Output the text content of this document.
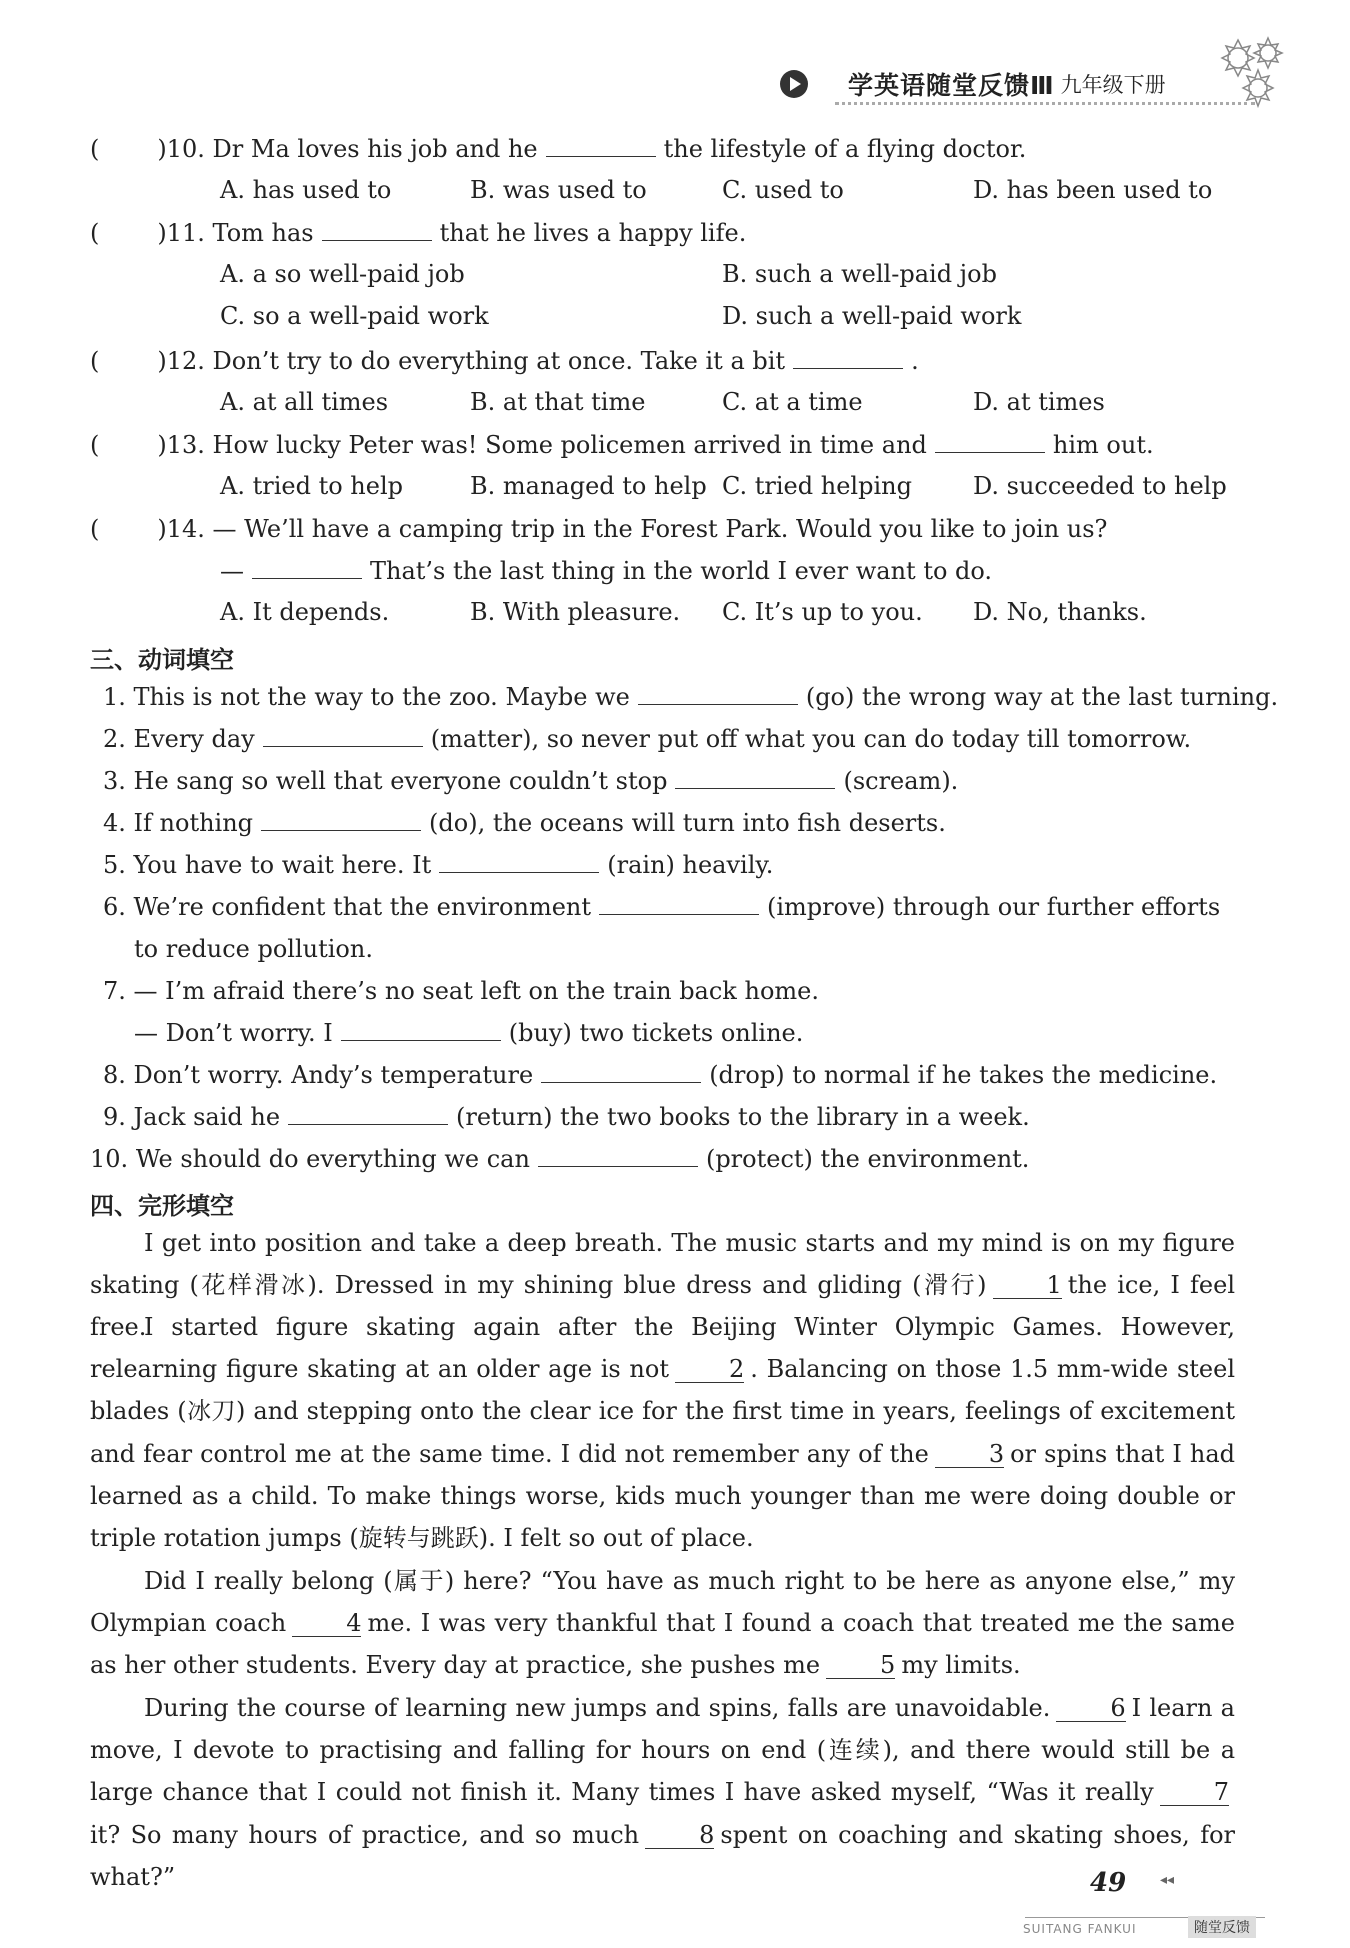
学英语随堂反馈Ⅲ 九年级下册
( )10. Dr Ma loves his job and he	the lifestyle of a flying doctor.
A. has used to	B. was used to	C. used to	D. has been used to
( )11. Tom has	that he lives a happy life.
A. a so well-paid job	B. such a well-paid job
C. so a well-paid work	D. such a well-paid work
( )12. Don’t try to do everything at once. Take it a bit	.
A. at all times	B. at that time	C. at a time	D. at times
( )13. How lucky Peter was! Some policemen arrived in time and	him out.
A. tried to help	B. managed to help C. tried helping	D. succeeded to help
( )14. — We’ll have a camping trip in the Forest Park. Would you like to join us?
—	That’s the last thing in the world I ever want to do.
A. It depends.	B. With pleasure. C. It’s up to you. D. No, thanks.
三、动词填空
1. This is not the way to the zoo. Maybe we	(go) the wrong way at the last turning.
2. Every day	(matter), so never put off what you can do today till tomorrow.
3. He sang so well that everyone couldn’t stop	(scream).
4. If nothing	(do), the oceans will turn into fish deserts.
5. You have to wait here. It	(rain) heavily.
6. We’re confident that the environment	(improve) through our further efforts
to reduce pollution.
7. — I’m afraid there’s no seat left on the train back home.
— Don’t worry. I	(buy) two tickets online.
8. Don’t worry. Andy’s temperature	(drop) to normal if he takes the medicine.
9. Jack said he	(return) the two books to the library in a week.
10. We should do everything we can	(protect) the environment.
四、完形填空
I get into position and take a deep breath. The music starts and my mind is on my figure skating (花样滑冰). Dressed in my shining blue dress and gliding (滑行)	1 the ice, I feel free.
I started figure skating again after the Beijing Winter Olympic Games. However, relearning figure skating at an older age is not	2 . Balancing on those 1.5 mm-wide steel blades (冰刀) and stepping onto the clear ice for the first time in years, feelings of excitement and fear control me at the same time. I did not remember any of the	3 or spins that I had learned as a child. To make things worse, kids much younger than me were doing double or triple rotation jumps (旋转与跳跃). I felt so out of place.
Did I really belong (属于) here? “You have as much right to be here as anyone else,” my Olympian coach	4 me. I was very thankful that I found a coach that treated me the same as her other students. Every day at practice, she pushes me	5 my limits.
During the course of learning new jumps and spins, falls are unavoidable.	6 I learn a move, I devote to practising and falling for hours on end (连续), and there would still be a large chance that I could not finish it. Many times I have asked myself, “Was it really	7it? So many hours of practice, and so much	8 spent on coaching and skating shoes, for what?”	49 ◂◂
SUITANG FANKUI	随堂反馈
